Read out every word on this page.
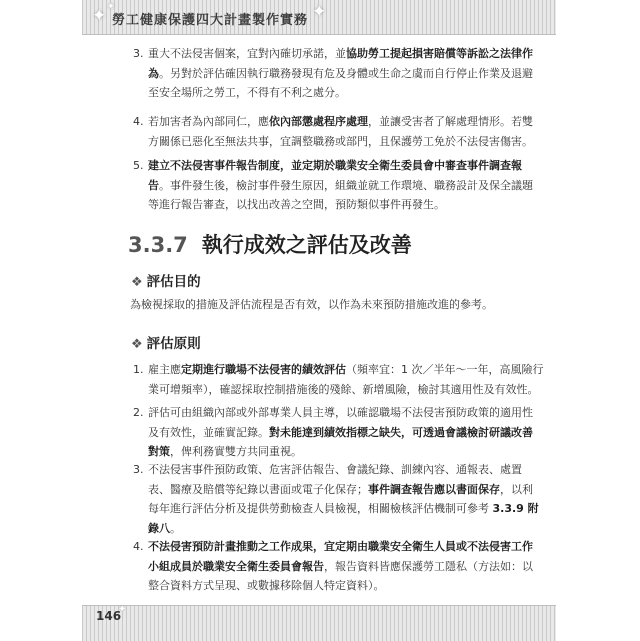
✦ ✦
勞工健康保護四大計畫製作實務 ✦
3. 重大不法侵害個案，宜對內確切承諾，並協助勞工提起損害賠償等訴訟之法律作
為。另對於評估確因執行職務發現有危及身體或生命之虞而自行停止作業及退避
至安全場所之勞工，不得有不利之處分。
4. 若加害者為內部同仁，應依內部懲處程序處理，並讓受害者了解處理情形。若雙
方關係已惡化至無法共事，宜調整職務或部門，且保護勞工免於不法侵害傷害。
5. 建立不法侵害事件報告制度，並定期於職業安全衛生委員會中審查事件調查報
告。事件發生後，檢討事件發生原因，組織並就工作環境、職務設計及保全議題
等進行報告審查，以找出改善之空間，預防類似事件再發生。
3.3.7 執行成效之評估及改善
❖ 評估目的
為檢視採取的措施及評估流程是否有效，以作為未來預防措施改進的參考。
❖ 評估原則
1. 雇主應定期進行職場不法侵害的績效評估（頻率宜：1 次／半年～一年，高風險行
業可增頻率），確認採取控制措施後的殘餘、新增風險，檢討其適用性及有效性。
2. 評估可由組織內部或外部專業人員主導，以確認職場不法侵害預防政策的適用性
及有效性，並確實記錄。對未能達到績效指標之缺失，可透過會議檢討研議改善
對策，俾利務實雙方共同重視。
3. 不法侵害事件預防政策、危害評估報告、會議紀錄、訓練內容、通報表、處置
表、醫療及賠償等紀錄以書面或電子化保存；事件調查報告應以書面保存，以利
每年進行評估分析及提供勞動檢查人員檢視，相關檢核評估機制可參考 3.3.9 附
錄八。
4. 不法侵害預防計畫推動之工作成果，宜定期由職業安全衛生人員或不法侵害工作
小組成員於職業安全衛生委員會報告，報告資料皆應保護勞工隱私（方法如：以
整合資料方式呈現、或數據移除個人特定資料）。
✦
146
